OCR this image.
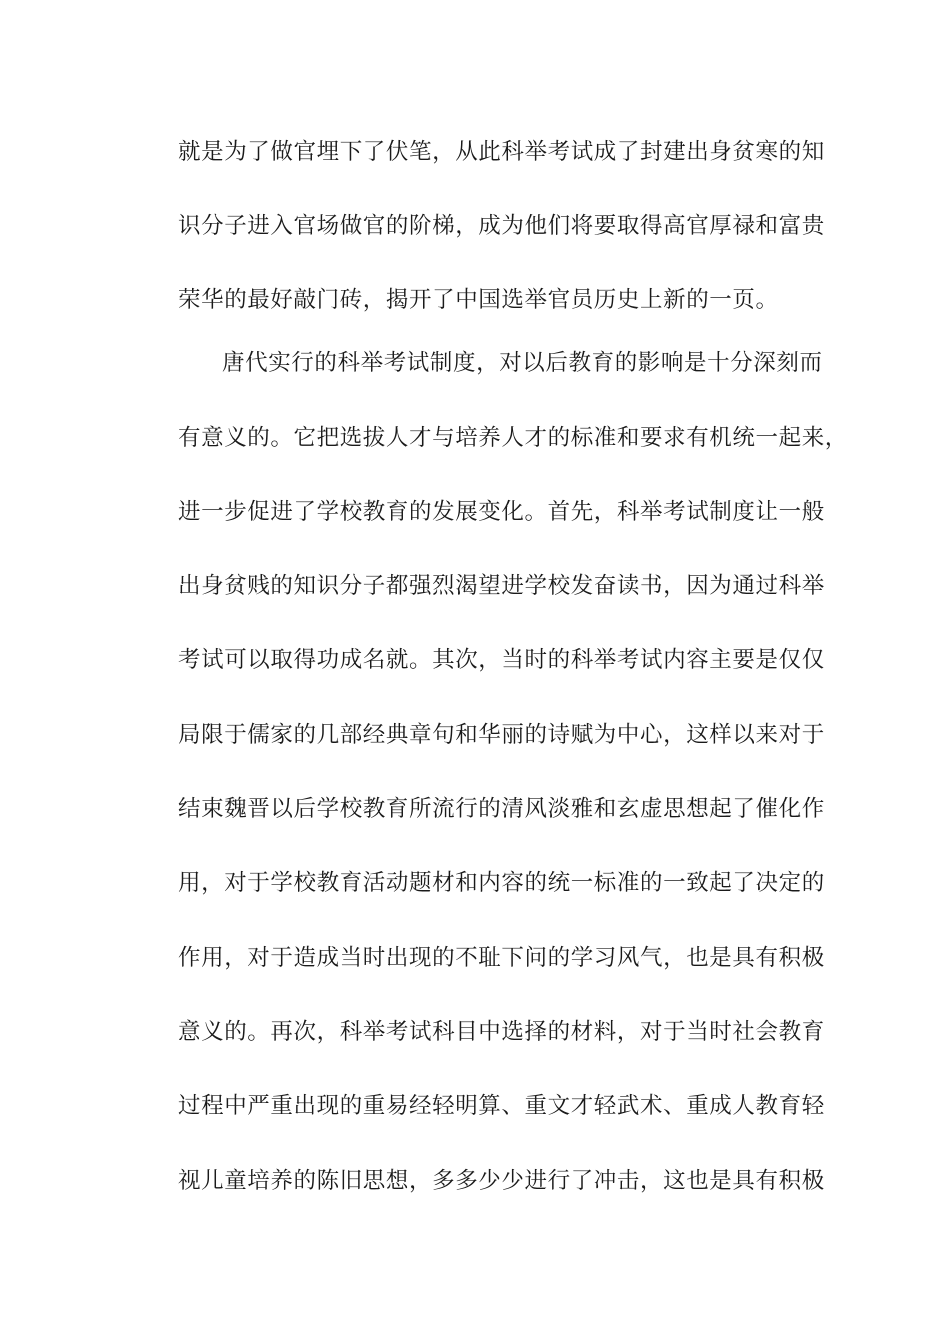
就是为了做官埋下了伏笔，从此科举考试成了封建出身贫寒的知
识分子进入官场做官的阶梯，成为他们将要取得高官厚禄和富贵
荣华的最好敲门砖，揭开了中国选举官员历史上新的一页。
唐代实行的科举考试制度，对以后教育的影响是十分深刻而
有意义的。它把选拔人才与培养人才的标准和要求有机统一起来，
进一步促进了学校教育的发展变化。首先，科举考试制度让一般
出身贫贱的知识分子都强烈渴望进学校发奋读书，因为通过科举
考试可以取得功成名就。其次，当时的科举考试内容主要是仅仅
局限于儒家的几部经典章句和华丽的诗赋为中心，这样以来对于
结束魏晋以后学校教育所流行的清风淡雅和玄虚思想起了催化作
用，对于学校教育活动题材和内容的统一标准的一致起了决定的
作用，对于造成当时出现的不耻下问的学习风气，也是具有积极
意义的。再次，科举考试科目中选择的材料，对于当时社会教育
过程中严重出现的重易经轻明算、重文才轻武术、重成人教育轻
视儿童培养的陈旧思想，多多少少进行了冲击，这也是具有积极
